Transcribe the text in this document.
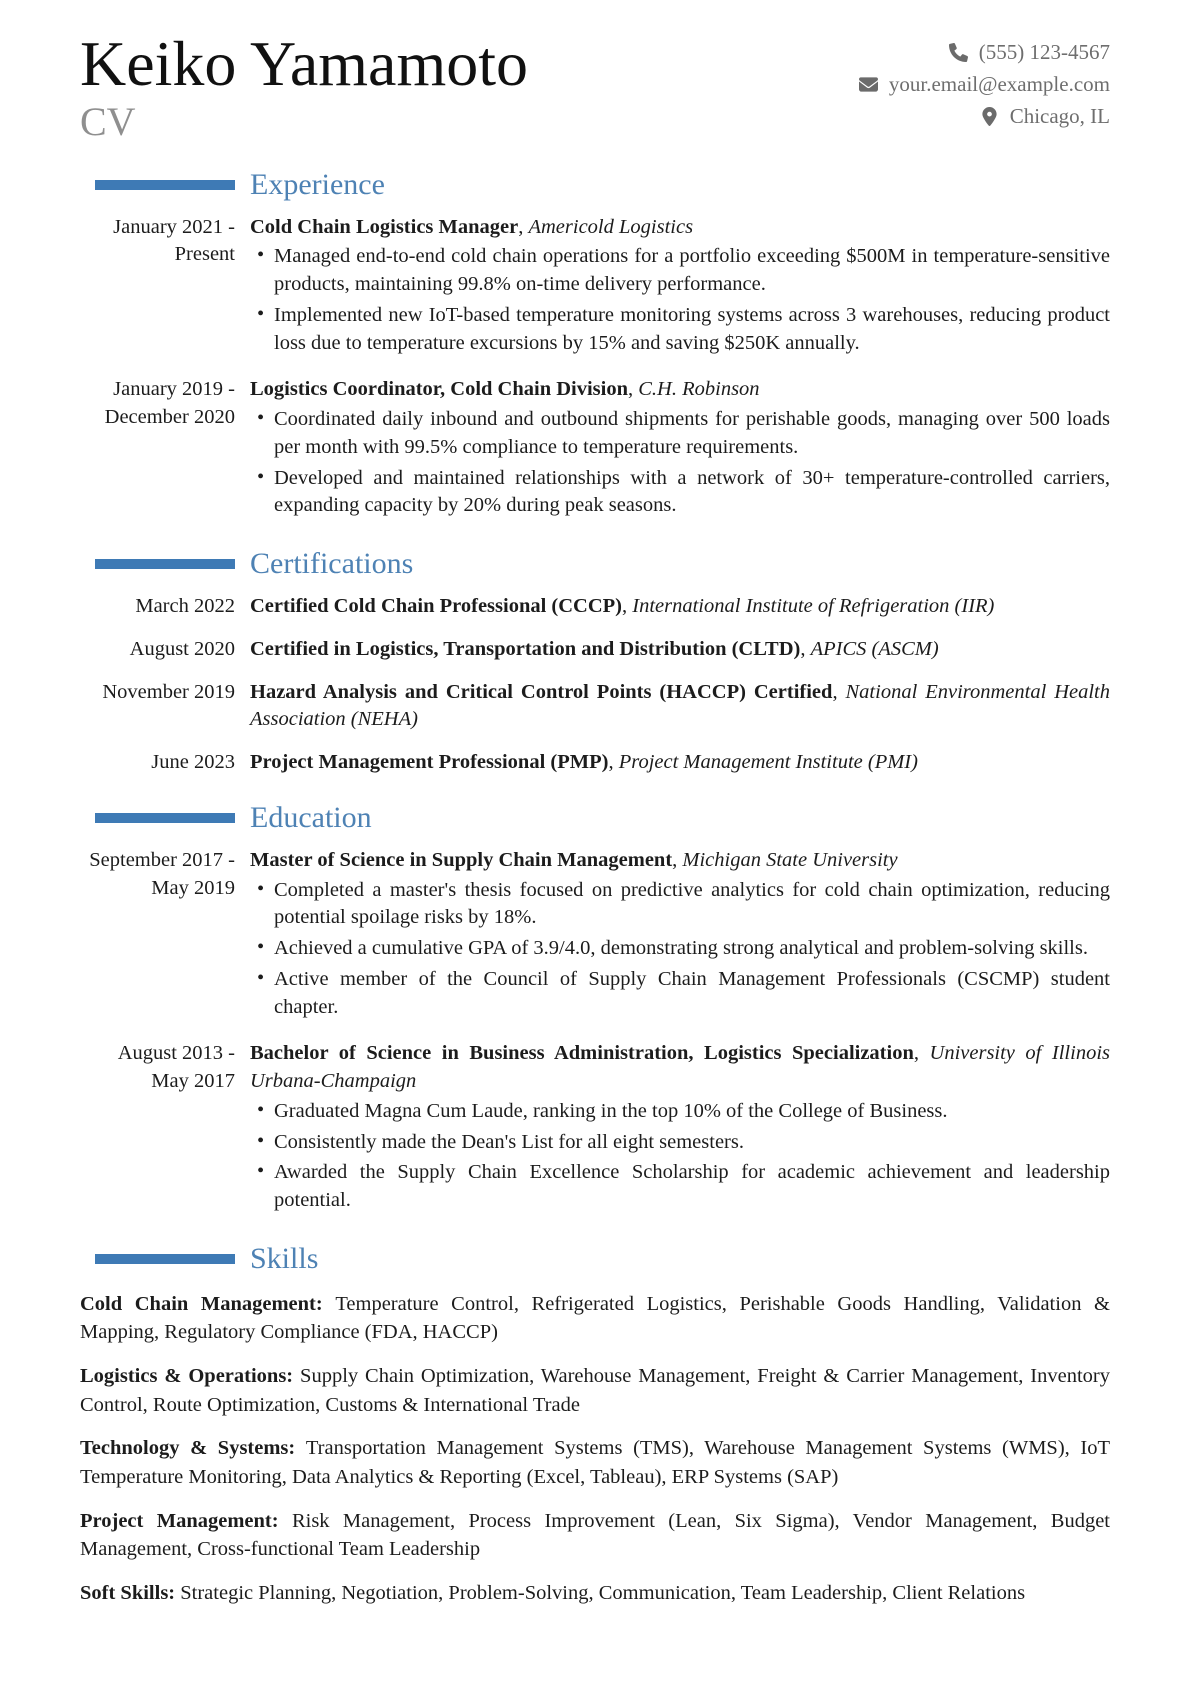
Keiko Yamamoto
CV
(555) 123-4567
your.email@example.com
Chicago, IL
Experience
January 2021 - Present
Cold Chain Logistics Manager , Americold Logistics
• Managed end-to-end cold chain operations for a portfolio exceeding $500M in temperature-sensitive products, maintaining 99.8% on-time delivery performance.
• Implemented new IoT-based temperature monitoring systems across 3 warehouses, reducing product loss due to temperature excursions by 15% and saving $250K annually.
January 2019 - December 2020
Logistics Coordinator, Cold Chain Division , C.H. Robinson
• Coordinated daily inbound and outbound shipments for perishable goods, managing over 500 loads per month with 99.5% compliance to temperature requirements.
• Developed and maintained relationships with a network of 30+ temperature-controlled carriers, expanding capacity by 20% during peak seasons.
Certifications
March 2022 Certified Cold Chain Professional (CCCP) , International Institute of Refrigeration (IIR)
August 2020 Certified in Logistics, Transportation and Distribution (CLTD) , APICS (ASCM)
November 2019 Hazard Analysis and Critical Control Points (HACCP) Certified , National Environmental Health Association (NEHA)
June 2023 Project Management Professional (PMP) , Project Management Institute (PMI)
Education
September 2017 - May 2019
Master of Science in Supply Chain Management , Michigan State University
• Completed a master's thesis focused on predictive analytics for cold chain optimization, reducing potential spoilage risks by 18%.
• Achieved a cumulative GPA of 3.9/4.0, demonstrating strong analytical and problem-solving skills.
• Active member of the Council of Supply Chain Management Professionals (CSCMP) student chapter.
August 2013 - May 2017
Bachelor of Science in Business Administration, Logistics Specialization , University of Illinois Urbana-Champaign
• Graduated Magna Cum Laude, ranking in the top 10% of the College of Business.
• Consistently made the Dean's List for all eight semesters.
• Awarded the Supply Chain Excellence Scholarship for academic achievement and leadership potential.
Skills

Cold Chain Management: Temperature Control, Refrigerated Logistics, Perishable Goods Handling, Validation & Mapping, Regulatory Compliance (FDA, HACCP)

Logistics & Operations: Supply Chain Optimization, Warehouse Management, Freight & Carrier Management, Inventory Control, Route Optimization, Customs & International Trade

Technology & Systems: Transportation Management Systems (TMS), Warehouse Management Systems (WMS), IoT Temperature Monitoring, Data Analytics & Reporting (Excel, Tableau), ERP Systems (SAP)

Project Management: Risk Management, Process Improvement (Lean, Six Sigma), Vendor Management, Budget Management, Cross-functional Team Leadership

Soft Skills: Strategic Planning, Negotiation, Problem-Solving, Communication, Team Leadership, Client Relations
